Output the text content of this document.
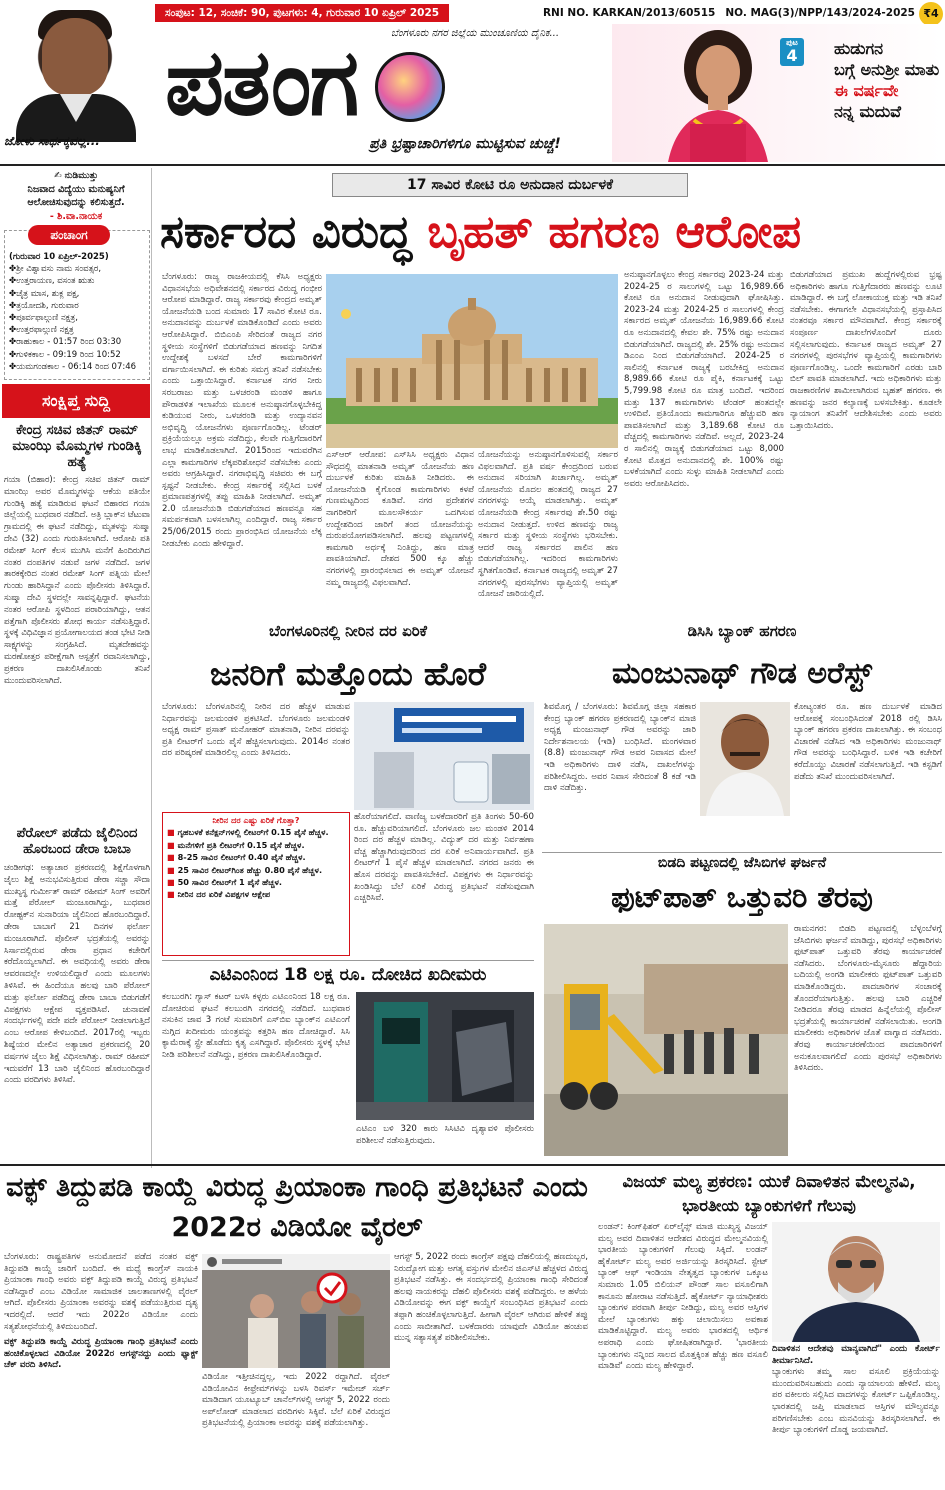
ಜೋಳು ಸಾರ್ಥಕ್ಕವಲ್ಲ...
ಸಂಪುಟ: 12, ಸಂಚಿಕೆ: 90, ಪುಟಗಳು: 4, ಗುರುವಾರ 10 ಏಪ್ರಿಲ್ 2025	RNI NO. KARKAN/2013/60515 NO. MAG(3)/NPP/143/2024-2025 ₹4
ಬೆಂಗಳೂರು ನಗರ ಜಿಲ್ಲೆಯ ಮುಂಚೂಣಿಯ ದೈನಿಕ...
ಪತಂಗ
ಪ್ರತಿ ಭ್ರಷ್ಟಾಚಾರಿಗಳಿಗೂ ಮುಟ್ಟಿಸುವ ಚುಚ್ಚೆ!
ಪುಟ
4	ಹುಡುಗನ
ಬಗ್ಗೆ ಅನುಶ್ರೀ ಮಾತು
ಈ ವರ್ಷವೇ
ನನ್ನ ಮದುವೆ
✍ ನುಡಿಮುತ್ತು
ನಿಜವಾದ ವಿದ್ಯೆಯು ಮನುಷ್ಯನಿಗೆ ಆಲೋಚಿಸುವುದನ್ನು ಕಲಿಸುತ್ತದೆ.
- ಶಿ.ವಾ.ನಾಯಕ
(ಗುರುವಾರ 10 ಏಪ್ರಿಲ್-2025)
✤ಶ್ರೀ ವಿಶ್ವಾವಸು ನಾಮ ಸಂವತ್ಸರ,
✤ಉತ್ತರಾಯಣ, ವಸಂತ ಋತು
✤ಚೈತ್ರ ಮಾಸ, ಶುಕ್ಲ ಪಕ್ಷ,
✤ತ್ರಯೋದಶಿ, ಗುರುವಾರ
✤ಪೂರ್ವಫಾಲ್ಗುಣಿ ನಕ್ಷತ್ರ,
✤ಉತ್ತರಫಾಲ್ಗುಣಿ ನಕ್ಷತ್ರ
✤ರಾಹುಕಾಲ - 01:57 ರಿಂದ 03:30
✤ಗುಳಿಕಕಾಲ - 09:19 ರಿಂದ 10:52
✤ಯಮಗಂಡಕಾಲ - 06:14 ರಿಂದ 07:46
ಪಂಚಾಂಗ
ಸಂಕ್ಷಿಪ್ತ ಸುದ್ದಿ
ಕೇಂದ್ರ ಸಚಿವ ಜಿತನ್ ರಾಮ್ ಮಾಂಝಿ ಮೊಮ್ಮಗಳ ಗುಂಡಿಕ್ಕಿ ಹತ್ಯೆ
ಗಯಾ (ಬಿಹಾರ): ಕೇಂದ್ರ ಸಚಿವ ಜಿತನ್ ರಾಮ್ ಮಾಂಝಿ ಅವರ ಮೊಮ್ಮಗಳನ್ನು ಆಕೆಯ ಪತಿಯೇ ಗುಂಡಿಕ್ಕಿ ಹತ್ಯೆ ಮಾಡಿರುವ ಘಟನೆ ಬಿಹಾರದ ಗಯಾ ಜಿಲ್ಲೆಯಲ್ಲಿ ಬುಧವಾರ ನಡೆದಿದೆ. ಅತ್ರಿ ಬ್ಲಾಕ್‌ನ ಟೆಟುವಾ ಗ್ರಾಮದಲ್ಲಿ ಈ ಘಟನೆ ನಡೆದಿದ್ದು, ಮೃತಳನ್ನು ಸುಷ್ಮಾ ದೇವಿ (32) ಎಂದು ಗುರುತಿಸಲಾಗಿದೆ. ಆರೋಪಿ ಪತಿ ರಮೇಶ್ ಸಿಂಗ್ ಕೆಲಸ ಮುಗಿಸಿ ಮನೆಗೆ ಹಿಂದಿರುಗಿದ ನಂತರ ದಂಪತಿಗಳ ನಡುವೆ ಜಗಳ ನಡೆದಿದೆ. ಜಗಳ ತಾರಕಕ್ಕೇರಿದ ನಂತರ ರಮೇಶ್ ಸಿಂಗ್ ಪತ್ನಿಯ ಮೇಲೆ ಗುಂಡು ಹಾರಿಸಿದ್ದಾನೆ ಎಂದು ಪೊಲೀಸರು ತಿಳಿಸಿದ್ದಾರೆ. ಸುಷ್ಮಾ ದೇವಿ ಸ್ಥಳದಲ್ಲೇ ಸಾವನ್ನಪ್ಪಿದ್ದಾರೆ. ಘಟನೆಯ ನಂತರ ಆರೋಪಿ ಸ್ಥಳದಿಂದ ಪರಾರಿಯಾಗಿದ್ದು, ಆತನ ಪತ್ತೆಗಾಗಿ ಪೊಲೀಸರು ಶೋಧ ಕಾರ್ಯ ನಡೆಸುತ್ತಿದ್ದಾರೆ. ಸ್ಥಳಕ್ಕೆ ವಿಧಿವಿಜ್ಞಾನ ಪ್ರಯೋಗಾಲಯದ ತಂಡ ಭೇಟಿ ನೀಡಿ ಸಾಕ್ಷ್ಯಗಳನ್ನು ಸಂಗ್ರಹಿಸಿದೆ. ಮೃತದೇಹವನ್ನು ಮರಣೋತ್ತರ ಪರೀಕ್ಷೆಗಾಗಿ ಆಸ್ಪತ್ರೆಗೆ ರವಾನಿಸಲಾಗಿದ್ದು, ಪ್ರಕರಣ ದಾಖಲಿಸಿಕೊಂಡು ತನಿಖೆ ಮುಂದುವರಿಸಲಾಗಿದೆ.
ಪೆರೋಲ್ ಪಡೆದು ಜೈಲಿನಿಂದ ಹೊರಬಂದ ಡೇರಾ ಬಾಬಾ
ಚಂಡೀಗಢ: ಅತ್ಯಾಚಾರ ಪ್ರಕರಣದಲ್ಲಿ ಶಿಕ್ಷೆಗೊಳಗಾಗಿ ಜೈಲು ಶಿಕ್ಷೆ ಅನುಭವಿಸುತ್ತಿರುವ ಡೇರಾ ಸಚ್ಚಾ ಸೌದಾ ಮುಖ್ಯಸ್ಥ ಗುರ್ಮೀತ್ ರಾಮ್ ರಹೀಮ್ ಸಿಂಗ್ ಅವರಿಗೆ ಮತ್ತೆ ಪೆರೋಲ್ ಮಂಜೂರಾಗಿದ್ದು, ಬುಧವಾರ ರೋಹ್ಟಕ್‌ನ ಸುನಾರಿಯಾ ಜೈಲಿನಿಂದ ಹೊರಬಂದಿದ್ದಾರೆ. ಡೇರಾ ಬಾಬಾಗೆ 21 ದಿನಗಳ ಫರ್ಲೋ ಮಂಜೂರಾಗಿದೆ. ಪೊಲೀಸ್ ಭದ್ರತೆಯಲ್ಲಿ ಅವರನ್ನು ಸಿರ್ಸಾದಲ್ಲಿರುವ ಡೇರಾ ಪ್ರಧಾನ ಕಚೇರಿಗೆ ಕರೆದೊಯ್ಯಲಾಗಿದೆ. ಈ ಅವಧಿಯಲ್ಲಿ ಅವರು ಡೇರಾ ಆವರಣದಲ್ಲೇ ಉಳಿಯಲಿದ್ದಾರೆ ಎಂದು ಮೂಲಗಳು ತಿಳಿಸಿವೆ. ಈ ಹಿಂದೆಯೂ ಹಲವು ಬಾರಿ ಪೆರೋಲ್ ಮತ್ತು ಫರ್ಲೋ ಪಡೆದಿದ್ದ ಡೇರಾ ಬಾಬಾ ಬಿಡುಗಡೆಗೆ ವಿಪಕ್ಷಗಳು ಆಕ್ಷೇಪ ವ್ಯಕ್ತಪಡಿಸಿವೆ. ಚುನಾವಣೆ ಸಂದರ್ಭಗಳಲ್ಲಿ ಪದೇ ಪದೇ ಪೆರೋಲ್ ನೀಡಲಾಗುತ್ತಿದೆ ಎಂಬ ಆರೋಪ ಕೇಳಿಬಂದಿದೆ. 2017ರಲ್ಲಿ ಇಬ್ಬರು ಶಿಷ್ಯೆಯರ ಮೇಲಿನ ಅತ್ಯಾಚಾರ ಪ್ರಕರಣದಲ್ಲಿ 20 ವರ್ಷಗಳ ಜೈಲು ಶಿಕ್ಷೆ ವಿಧಿಸಲಾಗಿತ್ತು. ರಾಮ್ ರಹೀಮ್ ಇದುವರೆಗೆ 13 ಬಾರಿ ಜೈಲಿನಿಂದ ಹೊರಬಂದಿದ್ದಾರೆ ಎಂದು ವರದಿಗಳು ತಿಳಿಸಿವೆ.
17 ಸಾವಿರ ಕೋಟಿ ರೂ ಅನುದಾನ ದುರ್ಬಳಕೆ
ಸರ್ಕಾರದ ವಿರುದ್ಧ ಬೃಹತ್ ಹಗರಣ ಆರೋಪ
ಬೆಂಗಳೂರು: ರಾಜ್ಯ ರಾಜಕೀಯದಲ್ಲಿ ಕೆಸಿಸಿ ಅಧ್ಯಕ್ಷರು ವಿಧಾನಸಭೆಯ ಅಧಿವೇಶನದಲ್ಲಿ ಸರ್ಕಾರದ ವಿರುದ್ಧ ಗಂಭೀರ ಆರೋಪ ಮಾಡಿದ್ದಾರೆ. ರಾಜ್ಯ ಸರ್ಕಾರವು ಕೇಂದ್ರದ ಅಮೃತ್ ಯೋಜನೆಯಡಿ ಬಂದ ಸುಮಾರು 17 ಸಾವಿರ ಕೋಟಿ ರೂ. ಅನುದಾನವನ್ನು ದುರ್ಬಳಕೆ ಮಾಡಿಕೊಂಡಿದೆ ಎಂದು ಅವರು ಆರೋಪಿಸಿದ್ದಾರೆ. ಬಿಬಿಎಂಪಿ ಸೇರಿದಂತೆ ರಾಜ್ಯದ ನಗರ ಸ್ಥಳೀಯ ಸಂಸ್ಥೆಗಳಿಗೆ ಬಿಡುಗಡೆಯಾದ ಹಣವನ್ನು ನಿಗದಿತ ಉದ್ದೇಶಕ್ಕೆ ಬಳಸದೆ ಬೇರೆ ಕಾಮಗಾರಿಗಳಿಗೆ ವರ್ಗಾಯಿಸಲಾಗಿದೆ. ಈ ಕುರಿತು ಸಮಗ್ರ ತನಿಖೆ ನಡೆಸಬೇಕು ಎಂದು ಒತ್ತಾಯಿಸಿದ್ದಾರೆ. ಕರ್ನಾಟಕ ನಗರ ನೀರು ಸರಬರಾಜು ಮತ್ತು ಒಳಚರಂಡಿ ಮಂಡಳಿ ಹಾಗೂ ಪೌರಾಡಳಿತ ಇಲಾಖೆಯ ಮೂಲಕ ಅನುಷ್ಠಾನಗೊಳ್ಳಬೇಕಿದ್ದ ಕುಡಿಯುವ ನೀರು, ಒಳಚರಂಡಿ ಮತ್ತು ಉದ್ಯಾನವನ ಅಭಿವೃದ್ಧಿ ಯೋಜನೆಗಳು ಪೂರ್ಣಗೊಂಡಿಲ್ಲ. ಟೆಂಡರ್ ಪ್ರಕ್ರಿಯೆಯಲ್ಲೂ ಅಕ್ರಮ ನಡೆದಿದ್ದು, ಕೆಲವೇ ಗುತ್ತಿಗೆದಾರರಿಗೆ ಲಾಭ ಮಾಡಿಕೊಡಲಾಗಿದೆ. 2015ರಿಂದ ಇದುವರೆಗಿನ ಎಲ್ಲಾ ಕಾಮಗಾರಿಗಳ ಲೆಕ್ಕಪರಿಶೋಧನೆ ನಡೆಸಬೇಕು ಎಂದು ಅವರು ಆಗ್ರಹಿಸಿದ್ದಾರೆ. ನಗರಾಭಿವೃದ್ಧಿ ಸಚಿವರು ಈ ಬಗ್ಗೆ ಸ್ಪಷ್ಟನೆ ನೀಡಬೇಕು. ಕೇಂದ್ರ ಸರ್ಕಾರಕ್ಕೆ ಸಲ್ಲಿಸಿದ ಬಳಕೆ ಪ್ರಮಾಣಪತ್ರಗಳಲ್ಲಿ ತಪ್ಪು ಮಾಹಿತಿ ನೀಡಲಾಗಿದೆ. ಅಮೃತ್ 2.0 ಯೋಜನೆಯಡಿ ಬಿಡುಗಡೆಯಾದ ಹಣವನ್ನೂ ಸಹ ಸಮರ್ಪಕವಾಗಿ ಬಳಸಲಾಗಿಲ್ಲ ಎಂದಿದ್ದಾರೆ. ರಾಜ್ಯ ಸರ್ಕಾರ 25/06/2015 ರಂದು ಪ್ರಾರಂಭಿಸಿದ ಯೋಜನೆಯ ಲೆಕ್ಕ ನೀಡಬೇಕು ಎಂದು ಹೇಳಿದ್ದಾರೆ.
ಎಸ್‌ಆರ್ ಆರೋಪ: ಎಸ್‌ಸಿಸಿ ಅಧ್ಯಕ್ಷರು ವಿಧಾನ ಸೌಧದಲ್ಲಿ ಮಾತನಾಡಿ ಅಮೃತ್ ಯೋಜನೆಯ ಹಣ ದುರ್ಬಳಕೆ ಕುರಿತು ಮಾಹಿತಿ ನೀಡಿದರು. ಈ ಯೋಜನೆಯಡಿ ಕೈಗೊಂಡ ಕಾಮಗಾರಿಗಳು ಕಳಪೆ ಗುಣಮಟ್ಟದಿಂದ ಕೂಡಿವೆ. ನಗರ ಪ್ರದೇಶಗಳ ನಾಗರಿಕರಿಗೆ ಮೂಲಸೌಕರ್ಯ ಒದಗಿಸುವ ಉದ್ದೇಶದಿಂದ ಜಾರಿಗೆ ತಂದ ಯೋಜನೆಯನ್ನು ದುರುಪಯೋಗಪಡಿಸಲಾಗಿದೆ. ಹಲವು ಪಟ್ಟಣಗಳಲ್ಲಿ ಕಾಮಗಾರಿ ಅರ್ಧಕ್ಕೆ ನಿಂತಿದ್ದು, ಹಣ ಮಾತ್ರ ಪಾವತಿಯಾಗಿದೆ. ದೇಶದ 500 ಕ್ಕೂ ಹೆಚ್ಚು ನಗರಗಳಲ್ಲಿ ಪ್ರಾರಂಭಿಸಲಾದ ಈ ಅಮೃತ್ ಯೋಜನೆ ನಮ್ಮ ರಾಜ್ಯದಲ್ಲಿ ವಿಫಲವಾಗಿದೆ.
ಯೋಜನೆಯನ್ನು ಅನುಷ್ಠಾನಗೊಳಿಸುವಲ್ಲಿ ಸರ್ಕಾರ ವಿಫಲವಾಗಿದೆ. ಪ್ರತಿ ವರ್ಷ ಕೇಂದ್ರದಿಂದ ಬರುವ ಅನುದಾನ ಸರಿಯಾಗಿ ಖರ್ಚಾಗಿಲ್ಲ. ಅಮೃತ್ ಯೋಜನೆಯ ಮೊದಲ ಹಂತದಲ್ಲಿ ರಾಜ್ಯದ 27 ನಗರಗಳನ್ನು ಆಯ್ಕೆ ಮಾಡಲಾಗಿತ್ತು. ಅಮೃತ್ ಯೋಜನೆಯಡಿ ಕೇಂದ್ರ ಸರ್ಕಾರವು ಶೇ.50 ರಷ್ಟು ಅನುದಾನ ನೀಡುತ್ತದೆ. ಉಳಿದ ಹಣವನ್ನು ರಾಜ್ಯ ಸರ್ಕಾರ ಮತ್ತು ಸ್ಥಳೀಯ ಸಂಸ್ಥೆಗಳು ಭರಿಸಬೇಕು. ಆದರೆ ರಾಜ್ಯ ಸರ್ಕಾರದ ಪಾಲಿನ ಹಣ ಬಿಡುಗಡೆಯಾಗಿಲ್ಲ. ಇದರಿಂದ ಕಾಮಗಾರಿಗಳು ಸ್ಥಗಿತಗೊಂಡಿವೆ. ಕರ್ನಾಟಕ ರಾಜ್ಯದಲ್ಲಿ ಅಮೃತ್ 27 ನಗರಗಳಲ್ಲಿ ಪುರಸಭೆಗಳು ವ್ಯಾಪ್ತಿಯಲ್ಲಿ ಅಮೃತ್ ಯೋಜನೆ ಜಾರಿಯಲ್ಲಿದೆ.
ಅನುಷ್ಠಾನಗೊಳ್ಳಲು ಕೇಂದ್ರ ಸರ್ಕಾರವು 2023-24 ಮತ್ತು 2024-25 ರ ಸಾಲುಗಳಲ್ಲಿ ಒಟ್ಟು 16,989.66 ಕೋಟಿ ರೂ ಅನುದಾನ ನೀಡುವುದಾಗಿ ಘೋಷಿಸಿತ್ತು. 2023-24 ಮತ್ತು 2024-25 ರ ಸಾಲುಗಳಲ್ಲಿ ಕೇಂದ್ರ ಸರ್ಕಾರದ ಅಮೃತ್ ಯೋಜನೆಯ 16,989.66 ಕೋಟಿ ರೂ ಅನುದಾನದಲ್ಲಿ ಕೇವಲ ಶೇ. 75% ರಷ್ಟು ಅನುದಾನ ಬಿಡುಗಡೆಯಾಗಿದೆ. ರಾಜ್ಯದಲ್ಲಿ ಶೇ. 25% ರಷ್ಟು ಅನುದಾನ ಡಿಎಂಎ ನಿಂದ ಬಿಡುಗಡೆಯಾಗಿದೆ. 2024-25 ರ ಸಾಲಿನಲ್ಲಿ ಕರ್ನಾಟಕ ರಾಜ್ಯಕ್ಕೆ ಬರಬೇಕಿದ್ದ ಅನುದಾನ 8,989.66 ಕೋಟಿ ರೂ ಪೈಕಿ, ಕರ್ನಾಟಕಕ್ಕೆ ಒಟ್ಟು 5,799.98 ಕೋಟಿ ರೂ ಮಾತ್ರ ಬಂದಿದೆ. ಇದರಿಂದ ಮತ್ತು 137 ಕಾಮಗಾರಿಗಳು ಟೆಂಡರ್ ಹಂತದಲ್ಲೇ ಉಳಿದಿವೆ. ಪ್ರತಿಯೊಂದು ಕಾಮಗಾರಿಗೂ ಹೆಚ್ಚುವರಿ ಹಣ ಪಾವತಿಸಲಾಗಿದೆ ಮತ್ತು 3,189.68 ಕೋಟಿ ರೂ ವೆಚ್ಚದಲ್ಲಿ ಕಾಮಗಾರಿಗಳು ನಡೆದಿವೆ. ಅಲ್ಲದೆ, 2023-24 ರ ಸಾಲಿನಲ್ಲಿ ರಾಜ್ಯಕ್ಕೆ ಬಿಡುಗಡೆಯಾದ ಒಟ್ಟು 8,000 ಕೋಟಿ ಮೊತ್ತದ ಅನುದಾನದಲ್ಲಿ ಶೇ. 100% ರಷ್ಟು ಬಳಕೆಯಾಗಿದೆ ಎಂದು ಸುಳ್ಳು ಮಾಹಿತಿ ನೀಡಲಾಗಿದೆ ಎಂದು ಅವರು ಆರೋಪಿಸಿದರು.
ಬಿಡುಗಡೆಯಾದ ಪ್ರಮುಖ ಹುದ್ದೆಗಳಲ್ಲಿರುವ ಭ್ರಷ್ಟ ಅಧಿಕಾರಿಗಳು ಹಾಗೂ ಗುತ್ತಿಗೆದಾರರು ಹಣವನ್ನು ಲೂಟಿ ಮಾಡಿದ್ದಾರೆ. ಈ ಬಗ್ಗೆ ಲೋಕಾಯುಕ್ತ ಮತ್ತು ಇಡಿ ತನಿಖೆ ನಡೆಸಬೇಕು. ಈಗಾಗಲೇ ವಿಧಾನಸಭೆಯಲ್ಲಿ ಪ್ರಸ್ತಾಪಿಸಿದ ನಂತರವೂ ಸರ್ಕಾರ ಮೌನವಾಗಿದೆ. ಕೇಂದ್ರ ಸರ್ಕಾರಕ್ಕೆ ಸಂಪೂರ್ಣ ದಾಖಲೆಗಳೊಂದಿಗೆ ದೂರು ಸಲ್ಲಿಸಲಾಗುವುದು. ಕರ್ನಾಟಕ ರಾಜ್ಯದ ಅಮೃತ್ 27 ನಗರಗಳಲ್ಲಿ ಪುರಸಭೆಗಳ ವ್ಯಾಪ್ತಿಯಲ್ಲಿ ಕಾಮಗಾರಿಗಳು ಪೂರ್ಣಗೊಂಡಿಲ್ಲ. ಒಂದೇ ಕಾಮಗಾರಿಗೆ ಎರಡು ಬಾರಿ ಬಿಲ್ ಪಾವತಿ ಮಾಡಲಾಗಿದೆ. ಇದು ಅಧಿಕಾರಿಗಳು ಮತ್ತು ರಾಜಕಾರಣಿಗಳ ಶಾಮೀಲಾಗಿರುವ ಬೃಹತ್ ಹಗರಣ. ಈ ಹಣವನ್ನು ಜನರ ಕಲ್ಯಾಣಕ್ಕೆ ಬಳಸಬೇಕಿತ್ತು. ಕೂಡಲೇ ನ್ಯಾಯಾಂಗ ತನಿಖೆಗೆ ಆದೇಶಿಸಬೇಕು ಎಂದು ಅವರು ಒತ್ತಾಯಿಸಿದರು.
ಬೆಂಗಳೂರಿನಲ್ಲಿ ನೀರಿನ ದರ ಏರಿಕೆ
ಜನರಿಗೆ ಮತ್ತೊಂದು ಹೊರೆ
ಬೆಂಗಳೂರು: ಬೆಂಗಳೂರಿನಲ್ಲಿ ನೀರಿನ ದರ ಹೆಚ್ಚಳ ಮಾಡುವ ನಿರ್ಧಾರವನ್ನು ಜಲಮಂಡಳಿ ಪ್ರಕಟಿಸಿದೆ. ಬೆಂಗಳೂರು ಜಲಮಂಡಳಿ ಅಧ್ಯಕ್ಷ ರಾಮ್ ಪ್ರಸಾತ್ ಮನೋಹರ್ ಮಾತನಾಡಿ, ನೀರಿನ ದರವನ್ನು ಪ್ರತಿ ಲೀಟರ್‌ಗೆ ಒಂದು ಪೈಸೆ ಹೆಚ್ಚಿಸಲಾಗುವುದು. 2014ರ ನಂತರ ದರ ಪರಿಷ್ಕರಣೆ ಮಾಡಿರಲಿಲ್ಲ ಎಂದು ತಿಳಿಸಿದರು.
ನೀರಿನ ದರ ಎಷ್ಟು ಏರಿಕೆ ಗೊತ್ತಾ?
■ ಗೃಹಬಳಕೆ ಕನೆಕ್ಷನ್‌ಗಳಲ್ಲಿ ಲೀಟರ್‌ಗೆ 0.15 ಪೈಸೆ ಹೆಚ್ಚಳ.
■ ಮನೆಗಳಿಗೆ ಪ್ರತಿ ಲೀಟರ್‌ಗೆ 0.15 ಪೈಸೆ ಹೆಚ್ಚಳ.
■ 8-25 ಸಾವಿರ ಲೀಟರ್‌ಗೆ 0.40 ಪೈಸೆ ಹೆಚ್ಚಳ.
■ 25 ಸಾವಿರ ಲೀಟರ್‌ಗಿಂತ ಹೆಚ್ಚು 0.80 ಪೈಸೆ ಹೆಚ್ಚಳ.
■ 50 ಸಾವಿರ ಲೀಟರ್‌ಗೆ 1 ಪೈಸೆ ಹೆಚ್ಚಳ.
■ ನೀರಿನ ದರ ಏರಿಕೆ ವಿಪಕ್ಷಗಳ ಆಕ್ಷೇಪ
ಹೊರೆಯಾಗಲಿದೆ. ವಾಣಿಜ್ಯ ಬಳಕೆದಾರರಿಗೆ ಪ್ರತಿ ತಿಂಗಳು 50-60 ರೂ. ಹೆಚ್ಚುವರಿಯಾಗಲಿದೆ. ಬೆಂಗಳೂರು ಜಲ ಮಂಡಳಿ 2014 ರಿಂದ ದರ ಹೆಚ್ಚಳ ಮಾಡಿಲ್ಲ. ವಿದ್ಯುತ್ ದರ ಮತ್ತು ನಿರ್ವಹಣಾ ವೆಚ್ಚ ಹೆಚ್ಚಾಗಿರುವುದರಿಂದ ದರ ಏರಿಕೆ ಅನಿವಾರ್ಯವಾಗಿದೆ. ಪ್ರತಿ ಲೀಟರ್‌ಗೆ 1 ಪೈಸೆ ಹೆಚ್ಚಳ ಮಾಡಲಾಗಿದೆ. ನಗರದ ಜನರು ಈ ಹೊಸ ದರವನ್ನು ಪಾವತಿಸಬೇಕಿದೆ. ವಿಪಕ್ಷಗಳು ಈ ನಿರ್ಧಾರವನ್ನು ಖಂಡಿಸಿದ್ದು ಬೆಲೆ ಏರಿಕೆ ವಿರುದ್ಧ ಪ್ರತಿಭಟನೆ ನಡೆಸುವುದಾಗಿ ಎಚ್ಚರಿಸಿವೆ.
ಎಟಿಎಂನಿಂದ 18 ಲಕ್ಷ ರೂ. ದೋಚಿದ ಖದೀಮರು
ಕಲಬುರಗಿ: ಗ್ಯಾಸ್ ಕಟರ್ ಬಳಸಿ ಕಳ್ಳರು ಎಟಿಎಂನಿಂದ 18 ಲಕ್ಷ ರೂ. ದೋಚಿರುವ ಘಟನೆ ಕಲಬುರಗಿ ನಗರದಲ್ಲಿ ನಡೆದಿದೆ. ಬುಧವಾರ ನಸುಕಿನ ಜಾವ 3 ಗಂಟೆ ಸುಮಾರಿಗೆ ಎಸ್‌ಬಿಐ ಬ್ಯಾಂಕ್‌ನ ಎಟಿಎಂಗೆ ನುಗ್ಗಿದ ಖದೀಮರು ಯಂತ್ರವನ್ನು ಕತ್ತರಿಸಿ ಹಣ ದೋಚಿದ್ದಾರೆ. ಸಿಸಿ ಕ್ಯಾಮೆರಾಕ್ಕೆ ಸ್ಪ್ರೇ ಹೊಡೆದು ಕೃತ್ಯ ಎಸಗಿದ್ದಾರೆ. ಪೊಲೀಸರು ಸ್ಥಳಕ್ಕೆ ಭೇಟಿ ನೀಡಿ ಪರಿಶೀಲನೆ ನಡೆಸಿದ್ದು, ಪ್ರಕರಣ ದಾಖಲಿಸಿಕೊಂಡಿದ್ದಾರೆ.
ಎಟಿಎಂ ಬಳಿ 320 ಕಾರು ಸಿಸಿಟಿವಿ ದೃಶ್ಯಾವಳಿ ಪೊಲೀಸರು ಪರಿಶೀಲನೆ ನಡೆಸುತ್ತಿರುವುದು.
ಡಿಸಿಸಿ ಬ್ಯಾಂಕ್ ಹಗರಣ
ಮಂಜುನಾಥ್ ಗೌಡ ಅರೆಸ್ಟ್
ಶಿವಮೊಗ್ಗ / ಬೆಂಗಳೂರು: ಶಿವಮೊಗ್ಗ ಜಿಲ್ಲಾ ಸಹಕಾರ ಕೇಂದ್ರ ಬ್ಯಾಂಕ್ ಹಗರಣ ಪ್ರಕರಣದಲ್ಲಿ ಬ್ಯಾಂಕ್‌ನ ಮಾಜಿ ಅಧ್ಯಕ್ಷ ಮಂಜುನಾಥ್ ಗೌಡ ಅವರನ್ನು ಜಾರಿ ನಿರ್ದೇಶನಾಲಯ (ಇಡಿ) ಬಂಧಿಸಿದೆ. ಮಂಗಳವಾರ (8.8) ಮಂಜುನಾಥ್ ಗೌಡ ಅವರ ನಿವಾಸದ ಮೇಲೆ ಇಡಿ ಅಧಿಕಾರಿಗಳು ದಾಳಿ ನಡೆಸಿ, ದಾಖಲೆಗಳನ್ನು ಪರಿಶೀಲಿಸಿದ್ದರು. ಅವರ ನಿವಾಸ ಸೇರಿದಂತೆ 8 ಕಡೆ ಇಡಿ ದಾಳಿ ನಡೆದಿತ್ತು.
ಕೋಟ್ಯಂತರ ರೂ. ಹಣ ದುರ್ಬಳಕೆ ಮಾಡಿದ ಆರೋಪಕ್ಕೆ ಸಂಬಂಧಿಸಿದಂತೆ 2018 ರಲ್ಲಿ ಡಿಸಿಸಿ ಬ್ಯಾಂಕ್ ಹಗರಣ ಪ್ರಕರಣ ದಾಖಲಾಗಿತ್ತು. ಈ ಸಂಬಂಧ ವಿಚಾರಣೆ ನಡೆಸಿದ ಇಡಿ ಅಧಿಕಾರಿಗಳು ಮಂಜುನಾಥ್ ಗೌಡ ಅವರನ್ನು ಬಂಧಿಸಿದ್ದಾರೆ. ಬಳಿಕ ಇಡಿ ಕಚೇರಿಗೆ ಕರೆದೊಯ್ದು ವಿಚಾರಣೆ ನಡೆಸಲಾಗುತ್ತಿದೆ. ಇಡಿ ಕಸ್ಟಡಿಗೆ ಪಡೆದು ತನಿಖೆ ಮುಂದುವರಿಸಲಾಗಿದೆ.
ಬಿಡದಿ ಪಟ್ಟಣದಲ್ಲಿ ಜೆಸಿಬಿಗಳ ಘರ್ಜನೆ
ಫುಟ್‌ಪಾತ್ ಒತ್ತುವರಿ ತೆರವು
ರಾಮನಗರ: ಬಿಡದಿ ಪಟ್ಟಣದಲ್ಲಿ ಬೆಳ್ಳಂಬೆಳಗ್ಗೆ ಜೆಸಿಬಿಗಳು ಘರ್ಜನೆ ಮಾಡಿದ್ದು, ಪುರಸಭೆ ಅಧಿಕಾರಿಗಳು ಫುಟ್‌ಪಾತ್ ಒತ್ತುವರಿ ತೆರವು ಕಾರ್ಯಾಚರಣೆ ನಡೆಸಿದರು. ಬೆಂಗಳೂರು-ಮೈಸೂರು ಹೆದ್ದಾರಿಯ ಬದಿಯಲ್ಲಿ ಅಂಗಡಿ ಮಾಲೀಕರು ಫುಟ್‌ಪಾತ್ ಒತ್ತುವರಿ ಮಾಡಿಕೊಂಡಿದ್ದರು. ಪಾದಚಾರಿಗಳ ಸಂಚಾರಕ್ಕೆ ತೊಂದರೆಯಾಗುತ್ತಿತ್ತು. ಹಲವು ಬಾರಿ ಎಚ್ಚರಿಕೆ ನೀಡಿದರೂ ತೆರವು ಮಾಡದ ಹಿನ್ನೆಲೆಯಲ್ಲಿ ಪೊಲೀಸ್ ಭದ್ರತೆಯಲ್ಲಿ ಕಾರ್ಯಾಚರಣೆ ನಡೆಸಲಾಯಿತು. ಅಂಗಡಿ ಮಾಲೀಕರು ಅಧಿಕಾರಿಗಳ ಜೊತೆ ವಾಗ್ವಾದ ನಡೆಸಿದರು. ತೆರವು ಕಾರ್ಯಾಚರಣೆಯಿಂದ ಪಾದಚಾರಿಗಳಿಗೆ ಅನುಕೂಲವಾಗಲಿದೆ ಎಂದು ಪುರಸಭೆ ಅಧಿಕಾರಿಗಳು ತಿಳಿಸಿದರು.
ವಕ್ಫ್ ತಿದ್ದುಪಡಿ ಕಾಯ್ದೆ ವಿರುದ್ಧ ಪ್ರಿಯಾಂಕಾ ಗಾಂಧಿ ಪ್ರತಿಭಟನೆ ಎಂದು 2022ರ ವಿಡಿಯೋ ವೈರಲ್
ಬೆಂಗಳೂರು: ರಾಷ್ಟ್ರಪತಿಗಳ ಅನುಮೋದನೆ ಪಡೆದ ನಂತರ ವಕ್ಫ್ ತಿದ್ದುಪಡಿ ಕಾಯ್ದೆ ಜಾರಿಗೆ ಬಂದಿದೆ. ಈ ಮಧ್ಯೆ ಕಾಂಗ್ರೆಸ್ ನಾಯಕಿ ಪ್ರಿಯಾಂಕಾ ಗಾಂಧಿ ಅವರು ವಕ್ಫ್ ತಿದ್ದುಪಡಿ ಕಾಯ್ದೆ ವಿರುದ್ಧ ಪ್ರತಿಭಟನೆ ನಡೆಸಿದ್ದಾರೆ ಎಂಬ ವಿಡಿಯೋ ಸಾಮಾಜಿಕ ಜಾಲತಾಣಗಳಲ್ಲಿ ವೈರಲ್ ಆಗಿದೆ. ಪೊಲೀಸರು ಪ್ರಿಯಾಂಕಾ ಅವರನ್ನು ವಶಕ್ಕೆ ಪಡೆಯುತ್ತಿರುವ ದೃಶ್ಯ ಇದರಲ್ಲಿದೆ. ಆದರೆ ಇದು 2022ರ ವಿಡಿಯೋ ಎಂದು ಸತ್ಯಶೋಧನೆಯಲ್ಲಿ ತಿಳಿದುಬಂದಿದೆ.
ವಕ್ಫ್ ತಿದ್ದುಪಡಿ ಕಾಯ್ದೆ ವಿರುದ್ಧ ಪ್ರಿಯಾಂಕಾ ಗಾಂಧಿ ಪ್ರತಿಭಟನೆ ಎಂದು ಹಂಚಿಕೊಳ್ಳಲಾದ ವಿಡಿಯೋ 2022ರ ಆಗಸ್ಟ್‌ನದ್ದು ಎಂದು ಫ್ಯಾಕ್ಟ್ ಚೆಕ್ ವರದಿ ತಿಳಿಸಿದೆ.
ವಿಡಿಯೋ ಇತ್ತೀಚಿನದ್ದಲ್ಲ, ಇದು 2022 ರದ್ದಾಗಿದೆ. ವೈರಲ್ ವಿಡಿಯೋವಿನ ಕೀಫ್ರೇಮ್‌ಗಳನ್ನು ಬಳಸಿ ರಿವರ್ಸ್ ಇಮೇಜ್ ಸರ್ಚ್ ಮಾಡಿದಾಗ ಯೂಟ್ಯೂಬ್ ಚಾನೆಲ್‌ಗಳಲ್ಲಿ ಆಗಸ್ಟ್ 5, 2022 ರಂದು ಅಪ್‌ಲೋಡ್ ಮಾಡಲಾದ ವರದಿಗಳು ಸಿಕ್ಕಿವೆ. ಬೆಲೆ ಏರಿಕೆ ವಿರುದ್ಧದ ಪ್ರತಿಭಟನೆಯಲ್ಲಿ ಪ್ರಿಯಾಂಕಾ ಅವರನ್ನು ವಶಕ್ಕೆ ಪಡೆಯಲಾಗಿತ್ತು.
ಆಗಸ್ಟ್ 5, 2022 ರಂದು ಕಾಂಗ್ರೆಸ್ ಪಕ್ಷವು ದೆಹಲಿಯಲ್ಲಿ ಹಣದುಬ್ಬರ, ನಿರುದ್ಯೋಗ ಮತ್ತು ಅಗತ್ಯ ವಸ್ತುಗಳ ಮೇಲಿನ ಜಿಎಸ್‌ಟಿ ಹೆಚ್ಚಳದ ವಿರುದ್ಧ ಪ್ರತಿಭಟನೆ ನಡೆಸಿತ್ತು. ಈ ಸಂದರ್ಭದಲ್ಲಿ ಪ್ರಿಯಾಂಕಾ ಗಾಂಧಿ ಸೇರಿದಂತೆ ಹಲವು ನಾಯಕರನ್ನು ದೆಹಲಿ ಪೊಲೀಸರು ವಶಕ್ಕೆ ಪಡೆದಿದ್ದರು. ಆ ಹಳೆಯ ವಿಡಿಯೋವನ್ನು ಈಗ ವಕ್ಫ್ ಕಾಯ್ದೆಗೆ ಸಂಬಂಧಿಸಿದ ಪ್ರತಿಭಟನೆ ಎಂದು ತಪ್ಪಾಗಿ ಹಂಚಿಕೊಳ್ಳಲಾಗುತ್ತಿದೆ. ಹೀಗಾಗಿ ವೈರಲ್ ಆಗಿರುವ ಹೇಳಿಕೆ ತಪ್ಪು ಎಂದು ಸಾಬೀತಾಗಿದೆ. ಬಳಕೆದಾರರು ಯಾವುದೇ ವಿಡಿಯೋ ಹಂಚುವ ಮುನ್ನ ಸತ್ಯಾಸತ್ಯತೆ ಪರಿಶೀಲಿಸಬೇಕು.
ವಿಜಯ್ ಮಲ್ಯ ಪ್ರಕರಣ: ಯುಕೆ ದಿವಾಳಿತನ ಮೇಲ್ಮನವಿ, ಭಾರತೀಯ ಬ್ಯಾಂಕುಗಳಿಗೆ ಗೆಲುವು
ಲಂಡನ್: ಕಿಂಗ್‌ಫಿಶರ್ ಏರ್‌ಲೈನ್ಸ್ ಮಾಜಿ ಮುಖ್ಯಸ್ಥ ವಿಜಯ್ ಮಲ್ಯ ಅವರ ದಿವಾಳಿತನ ಆದೇಶದ ವಿರುದ್ಧದ ಮೇಲ್ಮನವಿಯಲ್ಲಿ ಭಾರತೀಯ ಬ್ಯಾಂಕುಗಳಿಗೆ ಗೆಲುವು ಸಿಕ್ಕಿದೆ. ಲಂಡನ್ ಹೈಕೋರ್ಟ್ ಮಲ್ಯ ಅವರ ಅರ್ಜಿಯನ್ನು ತಿರಸ್ಕರಿಸಿದೆ. ಸ್ಟೇಟ್ ಬ್ಯಾಂಕ್ ಆಫ್ ಇಂಡಿಯಾ ನೇತೃತ್ವದ ಬ್ಯಾಂಕುಗಳ ಒಕ್ಕೂಟ ಸುಮಾರು 1.05 ಬಿಲಿಯನ್ ಪೌಂಡ್ ಸಾಲ ವಸೂಲಿಗಾಗಿ ಕಾನೂನು ಹೋರಾಟ ನಡೆಸುತ್ತಿದೆ. ಹೈಕೋರ್ಟ್ ನ್ಯಾಯಾಧೀಶರು ಬ್ಯಾಂಕುಗಳ ಪರವಾಗಿ ತೀರ್ಪು ನೀಡಿದ್ದು, ಮಲ್ಯ ಅವರ ಆಸ್ತಿಗಳ ಮೇಲೆ ಬ್ಯಾಂಕುಗಳು ಹಕ್ಕು ಚಲಾಯಿಸಲು ಅವಕಾಶ ಮಾಡಿಕೊಟ್ಟಿದ್ದಾರೆ. ಮಲ್ಯ ಅವರು ಭಾರತದಲ್ಲಿ ಆರ್ಥಿಕ ಅಪರಾಧಿ ಎಂದು ಘೋಷಿತರಾಗಿದ್ದಾರೆ. 'ಭಾರತೀಯ ಬ್ಯಾಂಕುಗಳು ನನ್ನಿಂದ ಸಾಲದ ಮೊತ್ತಕ್ಕಿಂತ ಹೆಚ್ಚು ಹಣ ವಸೂಲಿ ಮಾಡಿವೆ' ಎಂದು ಮಲ್ಯ ಹೇಳಿದ್ದಾರೆ.
ದಿವಾಳಿತನ ಆದೇಶವು ಮಾನ್ಯವಾಗಿದೆ" ಎಂದು ಕೋರ್ಟ್ ತೀರ್ಮಾನಿಸಿದೆ.
ಬ್ಯಾಂಕುಗಳು ತಮ್ಮ ಸಾಲ ವಸೂಲಿ ಪ್ರಕ್ರಿಯೆಯನ್ನು ಮುಂದುವರಿಸಬಹುದು ಎಂದು ನ್ಯಾಯಾಲಯ ಹೇಳಿದೆ. ಮಲ್ಯ ಪರ ವಕೀಲರು ಸಲ್ಲಿಸಿದ ವಾದಗಳನ್ನು ಕೋರ್ಟ್ ಒಪ್ಪಿಕೊಂಡಿಲ್ಲ. ಭಾರತದಲ್ಲಿ ಜಪ್ತಿ ಮಾಡಲಾದ ಆಸ್ತಿಗಳ ಮೌಲ್ಯವನ್ನೂ ಪರಿಗಣಿಸಬೇಕು ಎಂಬ ಮನವಿಯನ್ನು ತಿರಸ್ಕರಿಸಲಾಗಿದೆ. ಈ ತೀರ್ಪು ಬ್ಯಾಂಕುಗಳಿಗೆ ದೊಡ್ಡ ಜಯವಾಗಿದೆ.
